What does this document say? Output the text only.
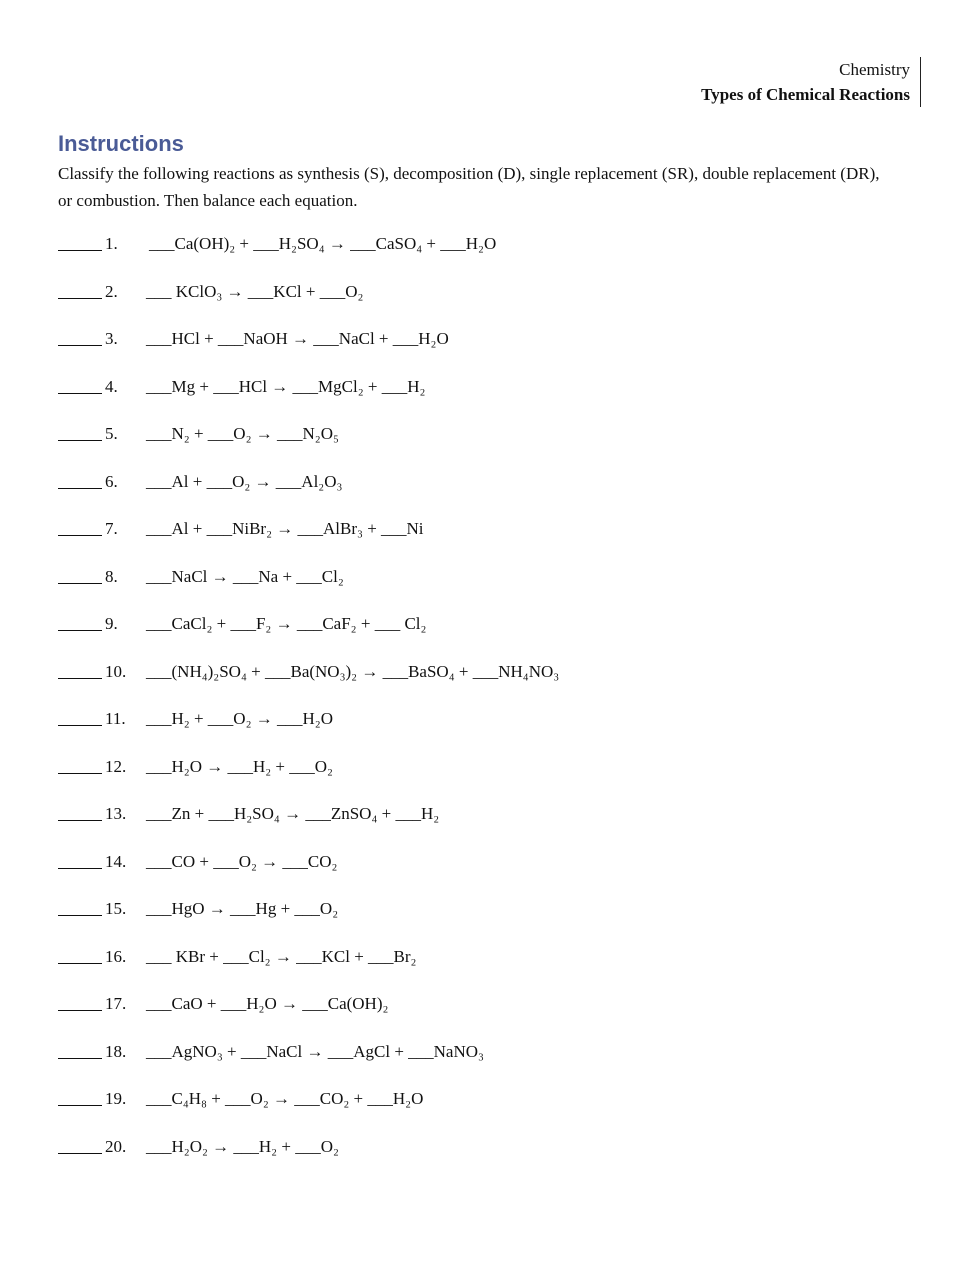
Chemistry
Types of Chemical Reactions
Instructions

Classify the following reactions as synthesis (S), decomposition (D), single replacement (SR), double replacement (DR), or combustion. Then balance each equation.

1. ___Ca(OH)₂ + ___H₂SO₄ → ___CaSO₄ + ___H₂O
2. ___ KClO₃ → ___KCl + ___O₂
3. ___HCl + ___NaOH → ___NaCl + ___H₂O
4. ___Mg + ___HCl → ___MgCl₂ + ___H₂
5. ___N₂ + ___O₂ → ___N₂O₅
6. ___Al + ___O₂ → ___Al₂O₃
7. ___Al + ___NiBr₂ → ___AlBr₃ + ___Ni
8. ___NaCl → ___Na + ___Cl₂
9. ___CaCl₂ + ___F₂ → ___CaF₂ + ___ Cl₂
10. ___(NH₄)₂SO₄ + ___Ba(NO₃)₂ → ___BaSO₄ + ___NH₄NO₃
11. ___H₂ + ___O₂ → ___H₂O
12. ___H₂O → ___H₂ + ___O₂
13. ___Zn + ___H₂SO₄ → ___ZnSO₄ + ___H₂
14. ___CO + ___O₂ → ___CO₂
15. ___HgO → ___Hg + ___O₂
16. ___ KBr + ___Cl₂ → ___KCl + ___Br₂
17. ___CaO + ___H₂O → ___Ca(OH)₂
18. ___AgNO₃ + ___NaCl → ___AgCl + ___NaNO₃
19. ___C₄H₈ + ___O₂ → ___CO₂ + ___H₂O
20. ___H₂O₂ → ___H₂ + ___O₂
